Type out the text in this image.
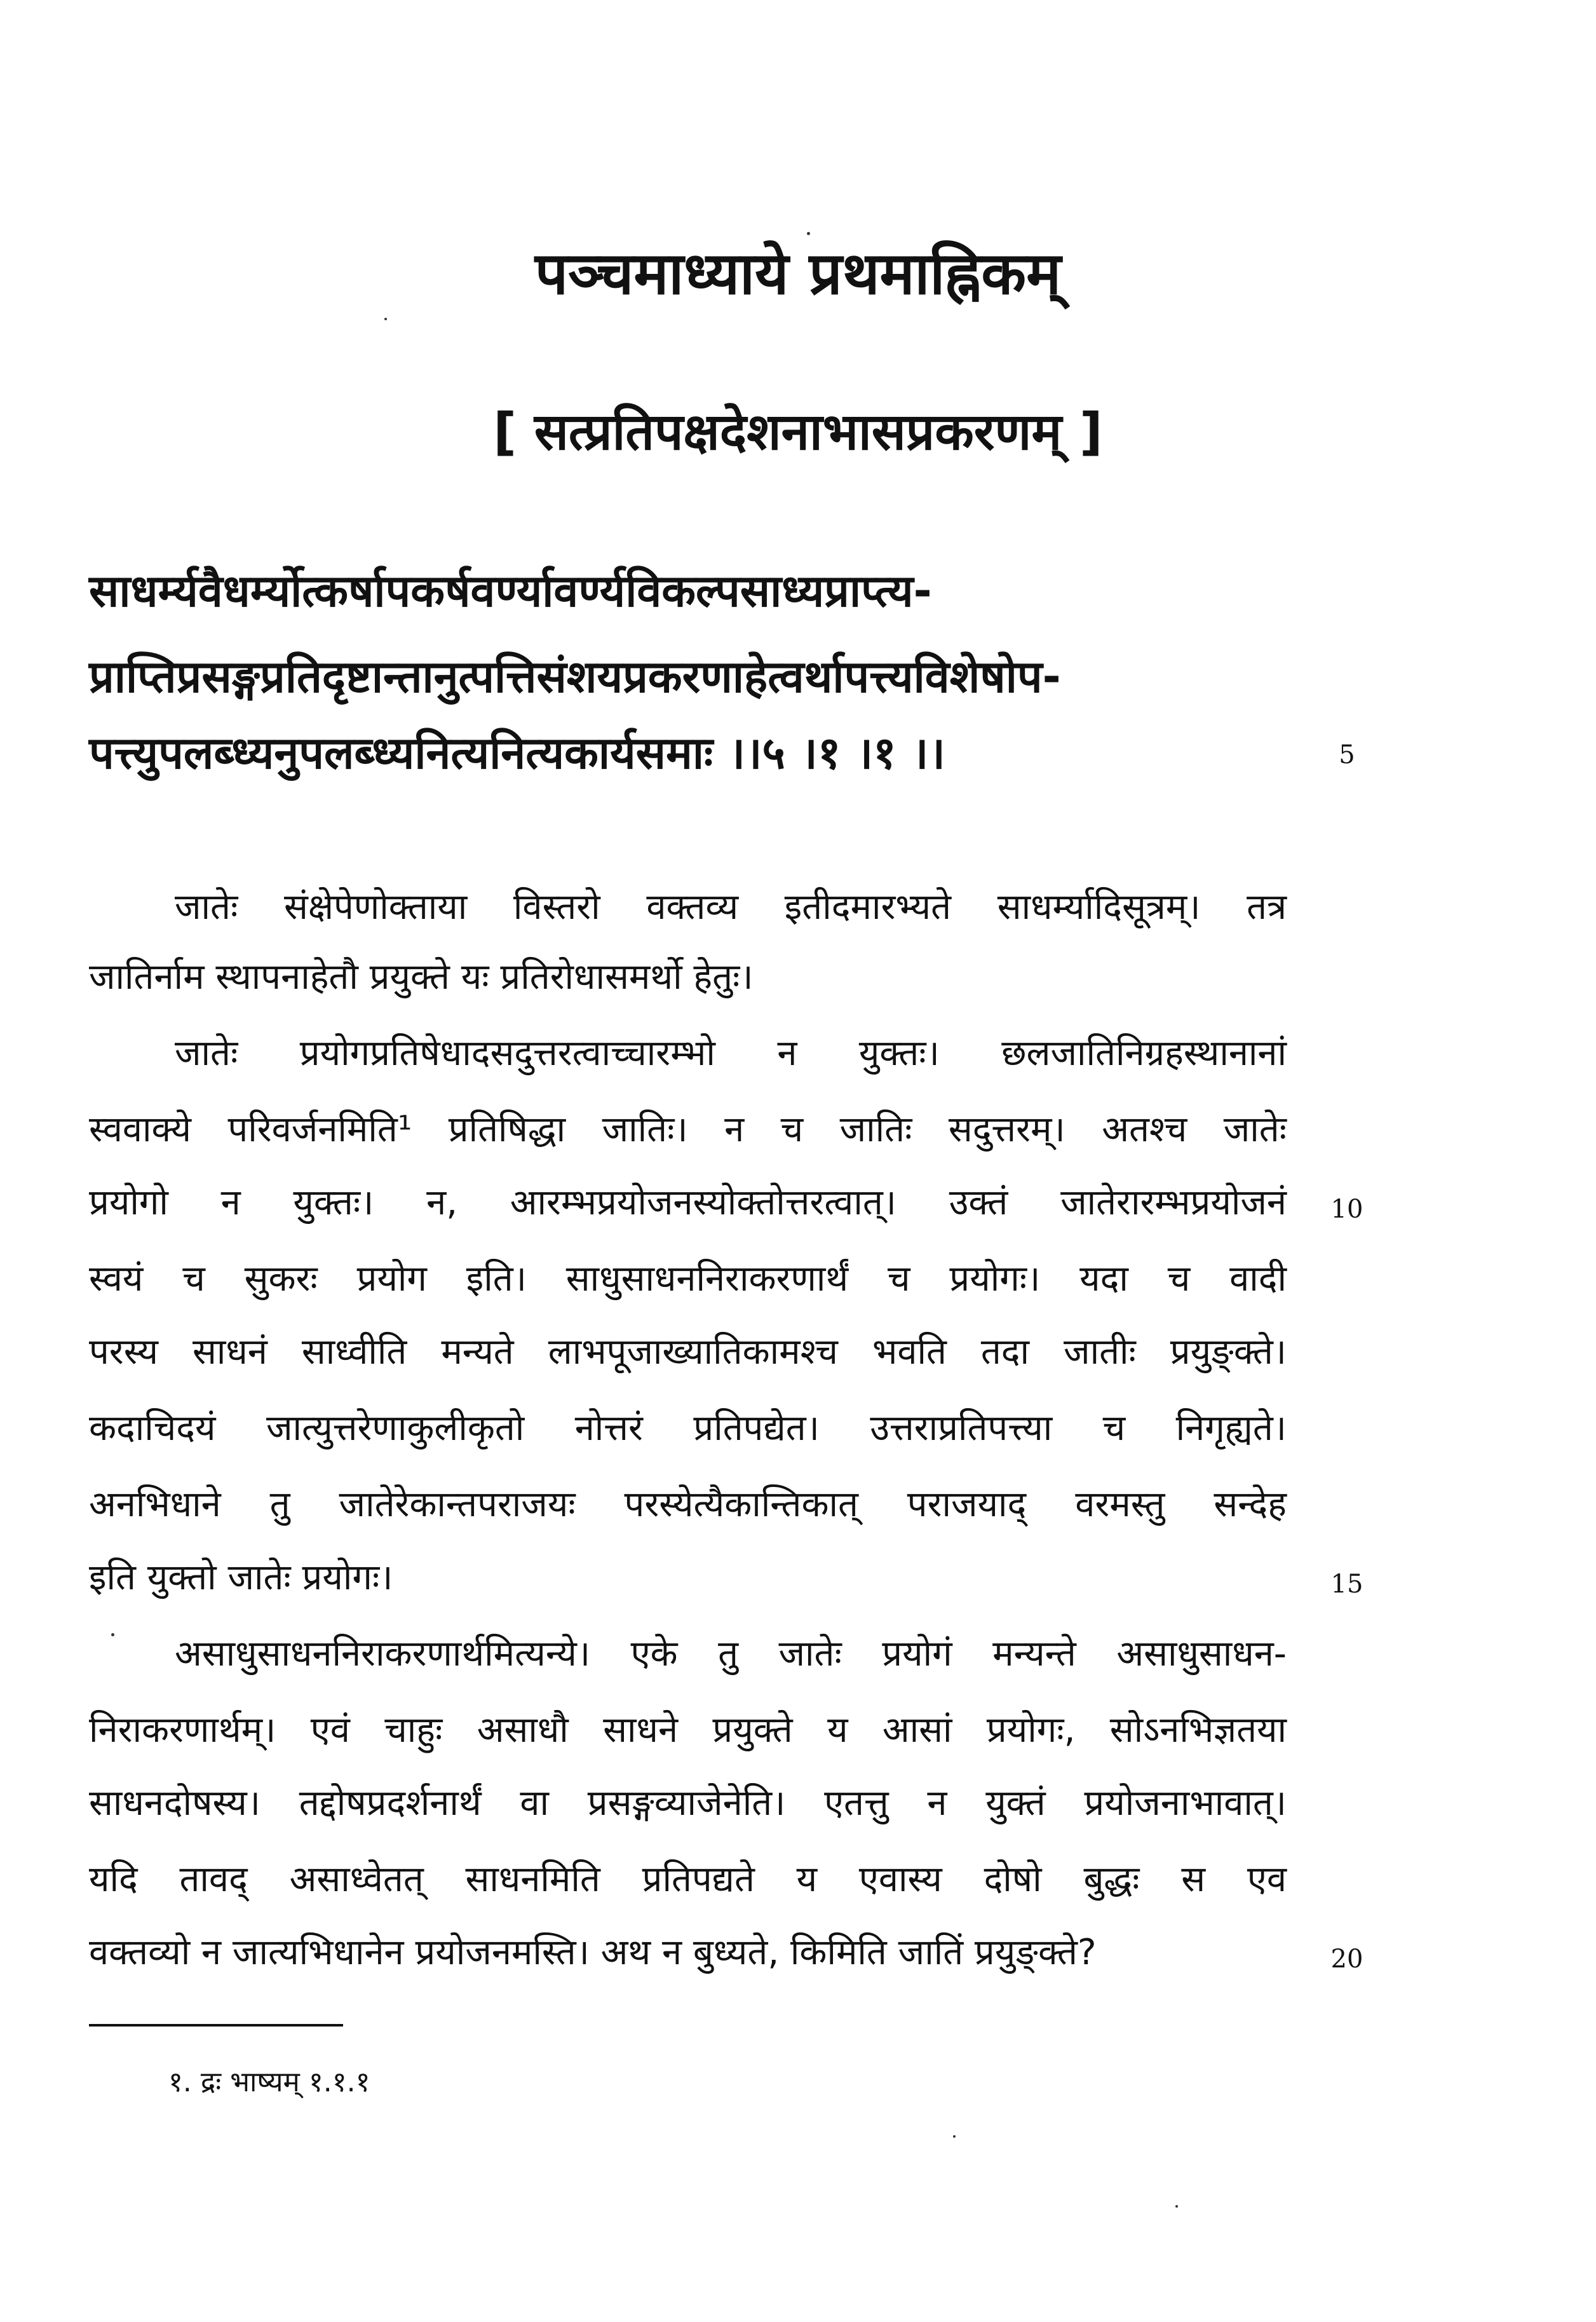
पञ्चमाध्याये प्रथमाह्निकम्
[ सत्प्रतिपक्षदेशनाभासप्रकरणम् ]
साधर्म्यवैधर्म्योत्कर्षापकर्षवर्ण्यावर्ण्यविकल्पसाध्यप्राप्त्य-
प्राप्तिप्रसङ्गप्रतिदृष्टान्तानुत्पत्तिसंशयप्रकरणाहेत्वर्थापत्त्यविशेषोप-
पत्त्युपलब्ध्यनुपलब्ध्यनित्यनित्यकार्यसमाः ।।५ ।१ ।१ ।।
जातेः संक्षेपेणोक्ताया विस्तरो वक्तव्य इतीदमारभ्यते साधर्म्यादिसूत्रम्। तत्र
जातिर्नाम स्थापनाहेतौ प्रयुक्ते यः प्रतिरोधासमर्थो हेतुः।
जातेः प्रयोगप्रतिषेधादसदुत्तरत्वाच्चारम्भो न युक्तः। छलजातिनिग्रहस्थानानां
स्ववाक्ये परिवर्जनमिति¹ प्रतिषिद्धा जातिः। न च जातिः सदुत्तरम्। अतश्च जातेः
प्रयोगो न युक्तः। न, आरम्भप्रयोजनस्योक्तोत्तरत्वात्। उक्तं जातेरारम्भप्रयोजनं
स्वयं च सुकरः प्रयोग इति। साधुसाधननिराकरणार्थं च प्रयोगः। यदा च वादी
परस्य साधनं साध्वीति मन्यते लाभपूजाख्यातिकामश्च भवति तदा जातीः प्रयुङ्क्ते।
कदाचिदयं जात्युत्तरेणाकुलीकृतो नोत्तरं प्रतिपद्येत। उत्तराप्रतिपत्त्या च निगृह्यते।
अनभिधाने तु जातेरेकान्तपराजयः परस्येत्यैकान्तिकात् पराजयाद् वरमस्तु सन्देह
इति युक्तो जातेः प्रयोगः।
असाधुसाधननिराकरणार्थमित्यन्ये। एके तु जातेः प्रयोगं मन्यन्ते असाधुसाधन-
निराकरणार्थम्। एवं चाहुः असाधौ साधने प्रयुक्ते य आसां प्रयोगः, सोऽनभिज्ञतया
साधनदोषस्य। तद्दोषप्रदर्शनार्थं वा प्रसङ्गव्याजेनेति। एतत्तु न युक्तं प्रयोजनाभावात्।
यदि तावद् असाध्वेतत् साधनमिति प्रतिपद्यते य एवास्य दोषो बुद्धः स एव
वक्तव्यो न जात्यभिधानेन प्रयोजनमस्ति। अथ न बुध्यते, किमिति जातिं प्रयुङ्क्ते?
5
10
15
20
१. द्रः भाष्यम् १.१.१
